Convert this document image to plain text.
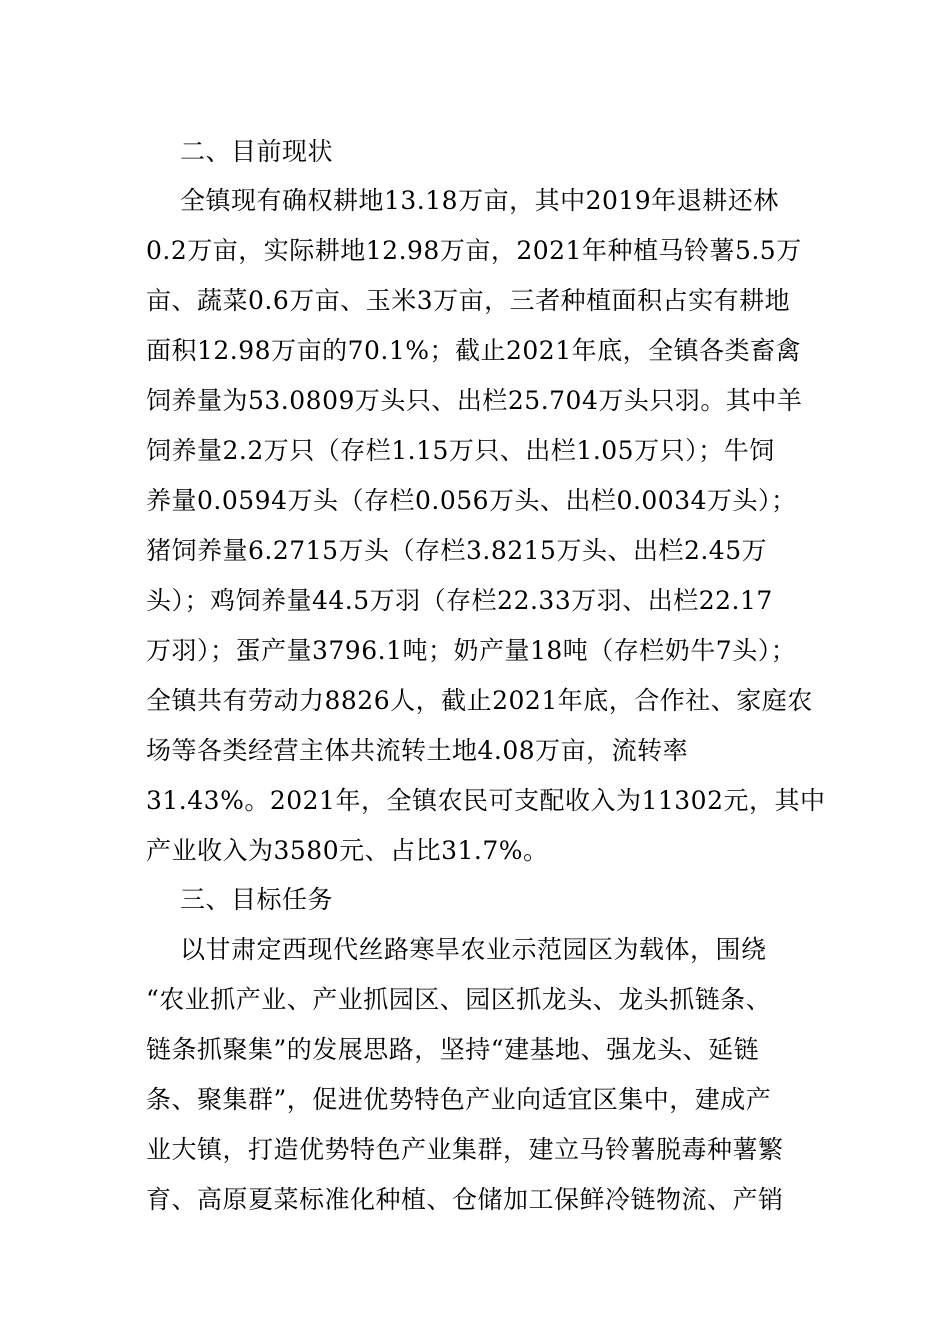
二、目前现状
全镇现有确权耕地13.18万亩，其中2019年退耕还林
0.2万亩，实际耕地12.98万亩，2021年种植马铃薯5.5万
亩、蔬菜0.6万亩、玉米3万亩，三者种植面积占实有耕地
面积12.98万亩的70.1%；截止2021年底，全镇各类畜禽
饲养量为53.0809万头只、出栏25.704万头只羽。其中羊
饲养量2.2万只（存栏1.15万只、出栏1.05万只）；牛饲
养量0.0594万头（存栏0.056万头、出栏0.0034万头）；
猪饲养量6.2715万头（存栏3.8215万头、出栏2.45万
头）；鸡饲养量44.5万羽（存栏22.33万羽、出栏22.17
万羽）；蛋产量3796.1吨；奶产量18吨（存栏奶牛7头）；
全镇共有劳动力8826人，截止2021年底，合作社、家庭农
场等各类经营主体共流转土地4.08万亩，流转率
31.43%。2021年，全镇农民可支配收入为11302元，其中
产业收入为3580元、占比31.7%。
三、目标任务
以甘肃定西现代丝路寒旱农业示范园区为载体，围绕
“农业抓产业、产业抓园区、园区抓龙头、龙头抓链条、
链条抓聚集”的发展思路，坚持“建基地、强龙头、延链
条、聚集群”，促进优势特色产业向适宜区集中，建成产
业大镇，打造优势特色产业集群，建立马铃薯脱毒种薯繁
育、高原夏菜标准化种植、仓储加工保鲜冷链物流、产销
